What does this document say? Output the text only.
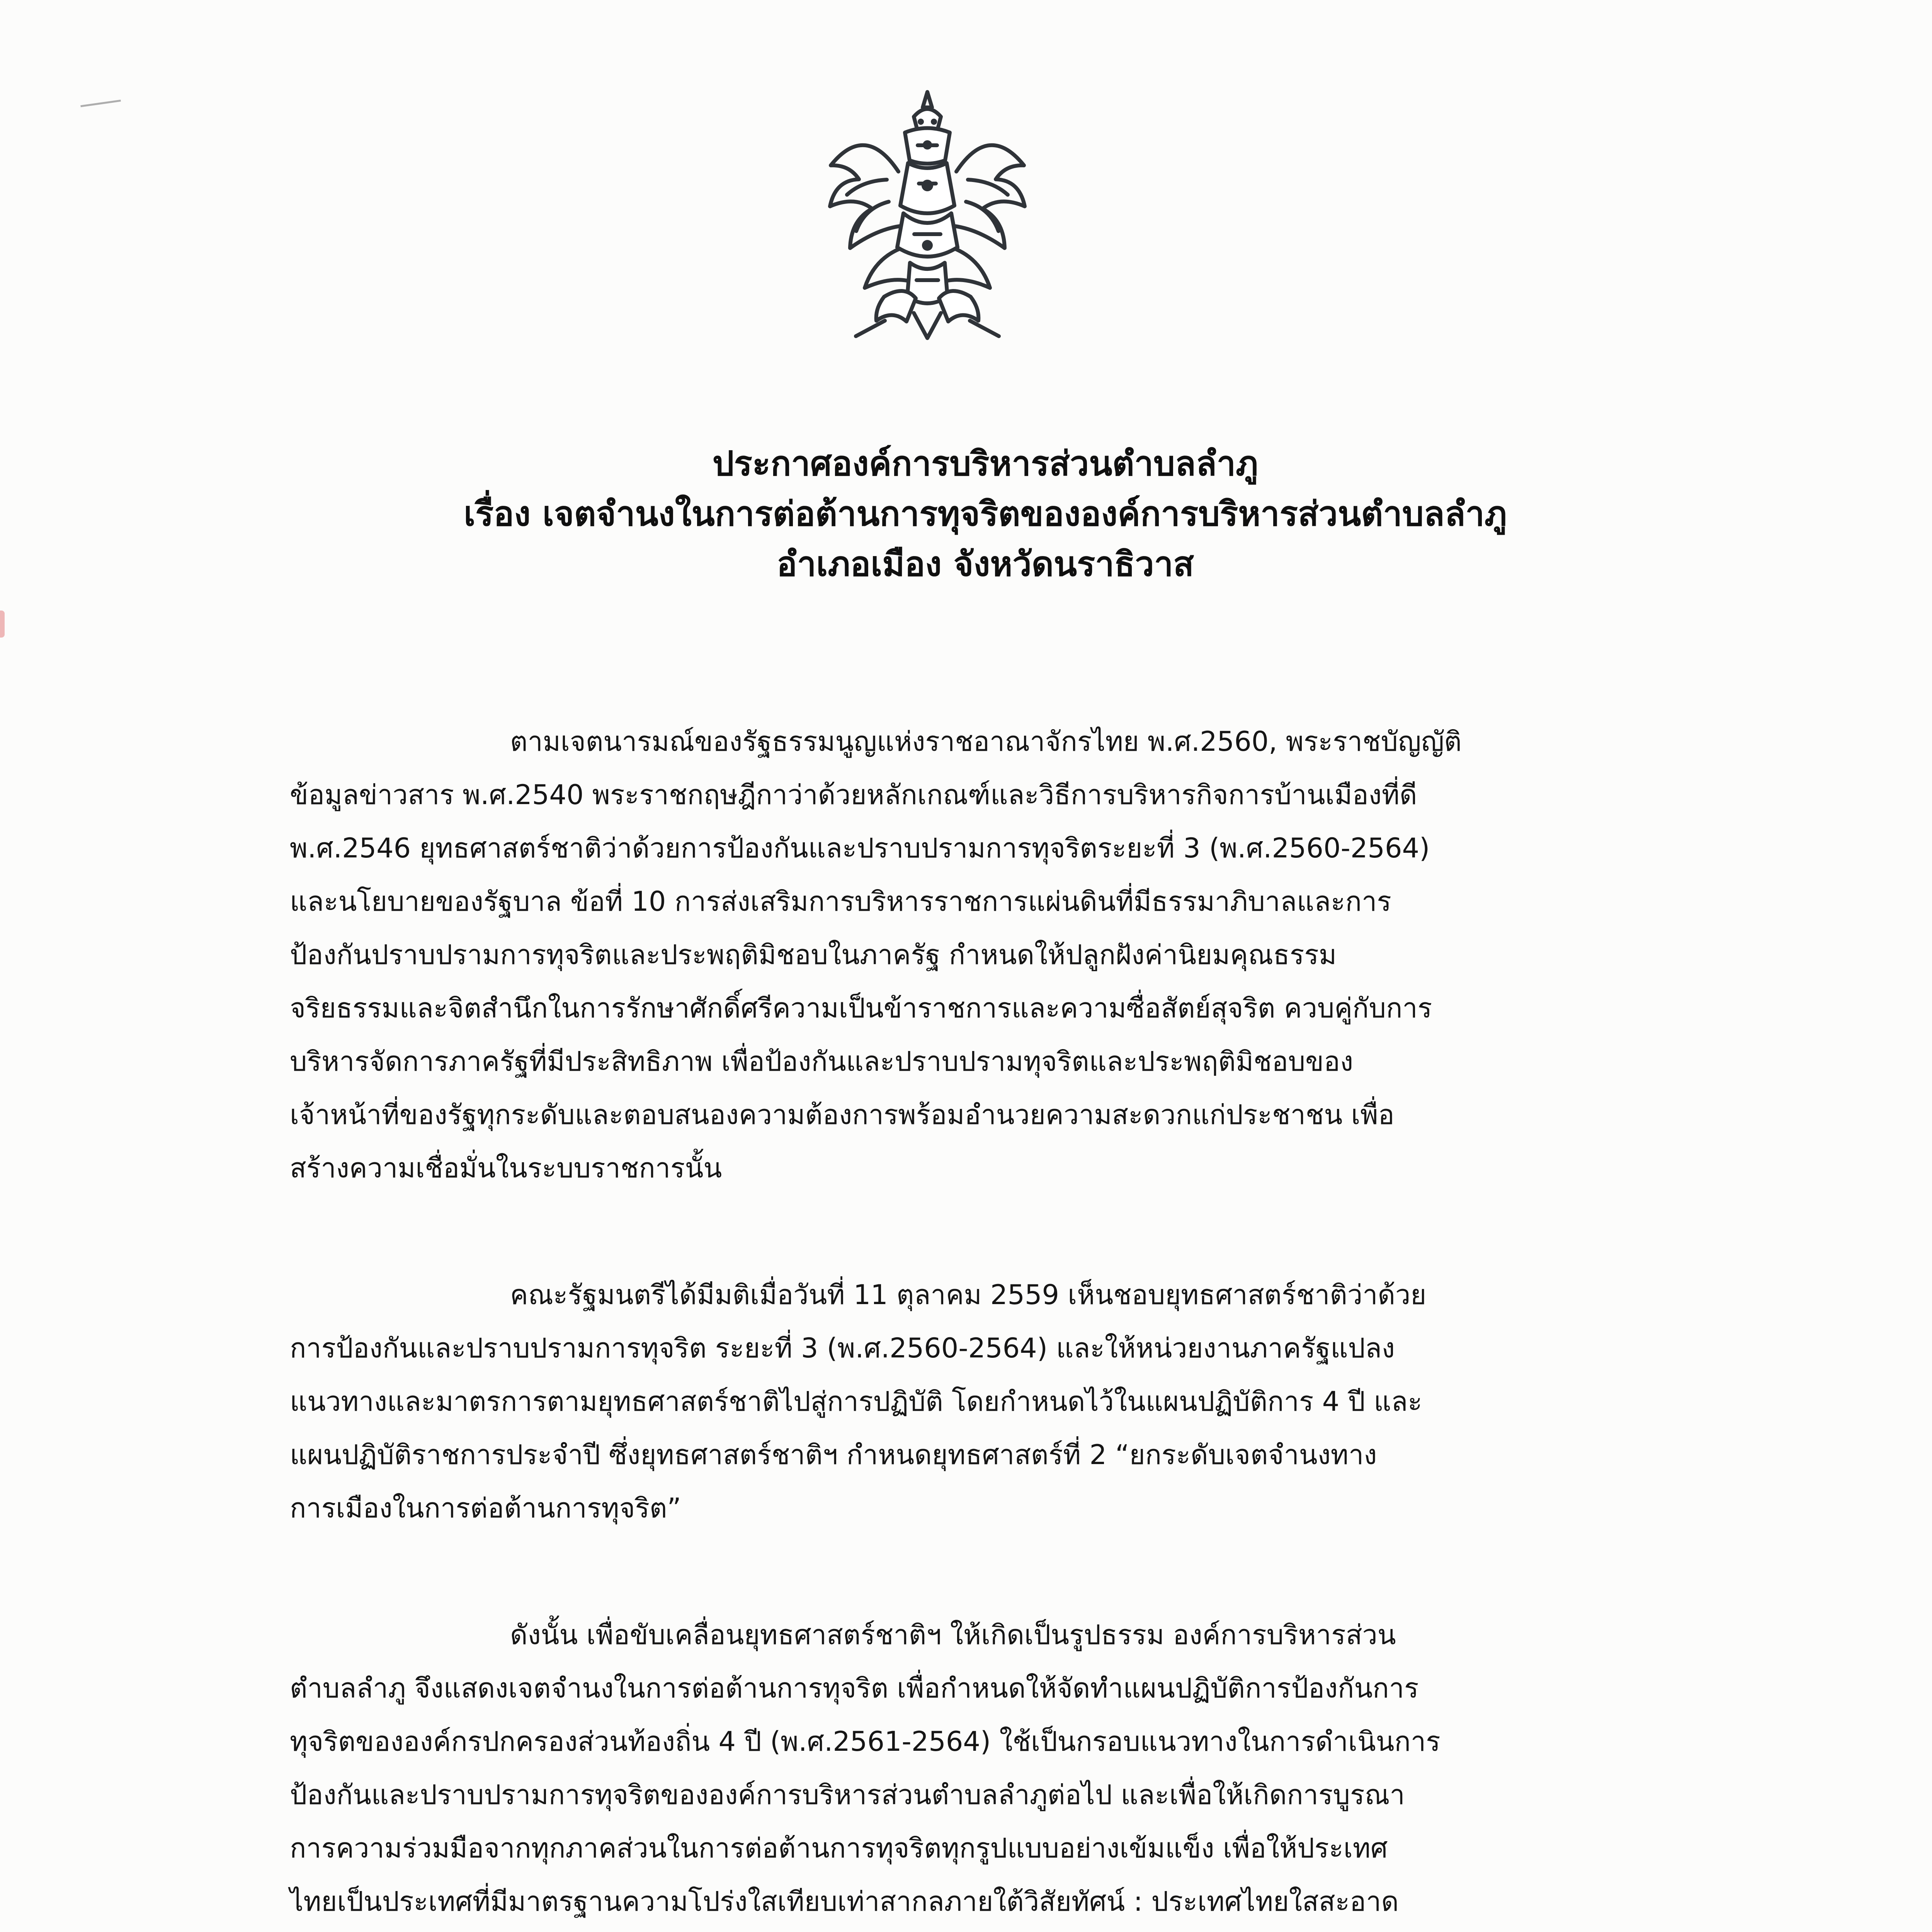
ประกาศองค์การบริหารส่วนตำบลลำภู
เรื่อง เจตจำนงในการต่อต้านการทุจริตขององค์การบริหารส่วนตำบลลำภู
อำเภอเมือง จังหวัดนราธิวาส
ตามเจตนารมณ์ของรัฐธรรมนูญแห่งราชอาณาจักรไทย พ.ศ.2560, พระราชบัญญัติ
ข้อมูลข่าวสาร พ.ศ.2540 พระราชกฤษฎีกาว่าด้วยหลักเกณฑ์และวิธีการบริหารกิจการบ้านเมืองที่ดี
พ.ศ.2546 ยุทธศาสตร์ชาติว่าด้วยการป้องกันและปราบปรามการทุจริตระยะที่ 3 (พ.ศ.2560-2564)
และนโยบายของรัฐบาล ข้อที่ 10 การส่งเสริมการบริหารราชการแผ่นดินที่มีธรรมาภิบาลและการ
ป้องกันปราบปรามการทุจริตและประพฤติมิชอบในภาครัฐ กำหนดให้ปลูกฝังค่านิยมคุณธรรม
จริยธรรมและจิตสำนึกในการรักษาศักดิ์ศรีความเป็นข้าราชการและความซื่อสัตย์สุจริต ควบคู่กับการ
บริหารจัดการภาครัฐที่มีประสิทธิภาพ เพื่อป้องกันและปราบปรามทุจริตและประพฤติมิชอบของ
เจ้าหน้าที่ของรัฐทุกระดับและตอบสนองความต้องการพร้อมอำนวยความสะดวกแก่ประชาชน เพื่อ
สร้างความเชื่อมั่นในระบบราชการนั้น
คณะรัฐมนตรีได้มีมติเมื่อวันที่ 11 ตุลาคม 2559 เห็นชอบยุทธศาสตร์ชาติว่าด้วย
การป้องกันและปราบปรามการทุจริต ระยะที่ 3 (พ.ศ.2560-2564) และให้หน่วยงานภาครัฐแปลง
แนวทางและมาตรการตามยุทธศาสตร์ชาติไปสู่การปฏิบัติ โดยกำหนดไว้ในแผนปฏิบัติการ 4 ปี และ
แผนปฏิบัติราชการประจำปี ซึ่งยุทธศาสตร์ชาติฯ กำหนดยุทธศาสตร์ที่ 2 “ยกระดับเจตจำนงทาง
การเมืองในการต่อต้านการทุจริต”
ดังนั้น เพื่อขับเคลื่อนยุทธศาสตร์ชาติฯ ให้เกิดเป็นรูปธรรม องค์การบริหารส่วน
ตำบลลำภู จึงแสดงเจตจำนงในการต่อต้านการทุจริต เพื่อกำหนดให้จัดทำแผนปฏิบัติการป้องกันการ
ทุจริตขององค์กรปกครองส่วนท้องถิ่น 4 ปี (พ.ศ.2561-2564) ใช้เป็นกรอบแนวทางในการดำเนินการ
ป้องกันและปราบปรามการทุจริตขององค์การบริหารส่วนตำบลลำภูต่อไป และเพื่อให้เกิดการบูรณา
การความร่วมมือจากทุกภาคส่วนในการต่อต้านการทุจริตทุกรูปแบบอย่างเข้มแข็ง เพื่อให้ประเทศ
ไทยเป็นประเทศที่มีมาตรฐานความโปร่งใสเทียบเท่าสากลภายใต้วิสัยทัศน์ : ประเทศไทยใสสะอาด
